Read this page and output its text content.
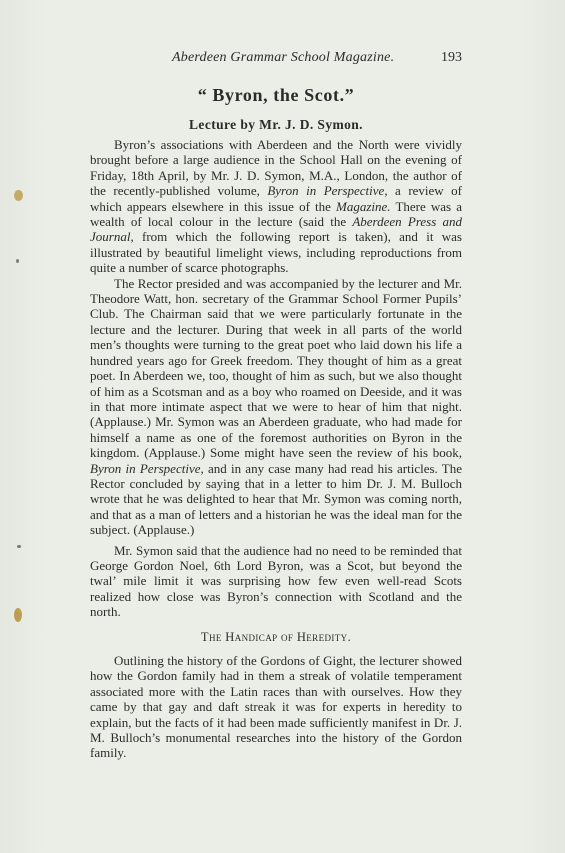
Aberdeen Grammar School Magazine.	193
“ Byron, the Scot.”
Lecture by Mr. J. D. Symon.

Byron’s associations with Aberdeen and the North were vividly brought before a large audience in the School Hall on the evening of Friday, 18th April, by Mr. J. D. Symon, M.A., London, the author of the recently-published volume, Byron in Perspective, a review of which appears elsewhere in this issue of the Magazine. There was a wealth of local colour in the lecture (said the Aberdeen Press and Journal, from which the following report is taken), and it was illustrated by beautiful limelight views, including reproductions from quite a number of scarce photographs.

The Rector presided and was accompanied by the lecturer and Mr. Theodore Watt, hon. secretary of the Grammar School Former Pupils’ Club. The Chairman said that we were particularly fortunate in the lecture and the lecturer. During that week in all parts of the world men’s thoughts were turning to the great poet who laid down his life a hundred years ago for Greek freedom. They thought of him as a great poet. In Aberdeen we, too, thought of him as such, but we also thought of him as a Scotsman and as a boy who roamed on Deeside, and it was in that more intimate aspect that we were to hear of him that night. (Applause.) Mr. Symon was an Aberdeen graduate, who had made for himself a name as one of the foremost authorities on Byron in the kingdom. (Applause.) Some might have seen the review of his book, Byron in Perspective, and in any case many had read his articles. The Rector concluded by saying that in a letter to him Dr. J. M. Bulloch wrote that he was delighted to hear that Mr. Symon was coming north, and that as a man of letters and a historian he was the ideal man for the subject. (Applause.)

Mr. Symon said that the audience had no need to be reminded that George Gordon Noel, 6th Lord Byron, was a Scot, but beyond the twal’ mile limit it was surprising how few even well-read Scots realized how close was Byron’s connection with Scotland and the north.

The Handicap of Heredity.

Outlining the history of the Gordons of Gight, the lecturer showed how the Gordon family had in them a streak of volatile temperament associated more with the Latin races than with ourselves. How they came by that gay and daft streak it was for experts in heredity to explain, but the facts of it had been made sufficiently manifest in Dr. J. M. Bulloch’s monumental researches into the history of the Gordon family.
